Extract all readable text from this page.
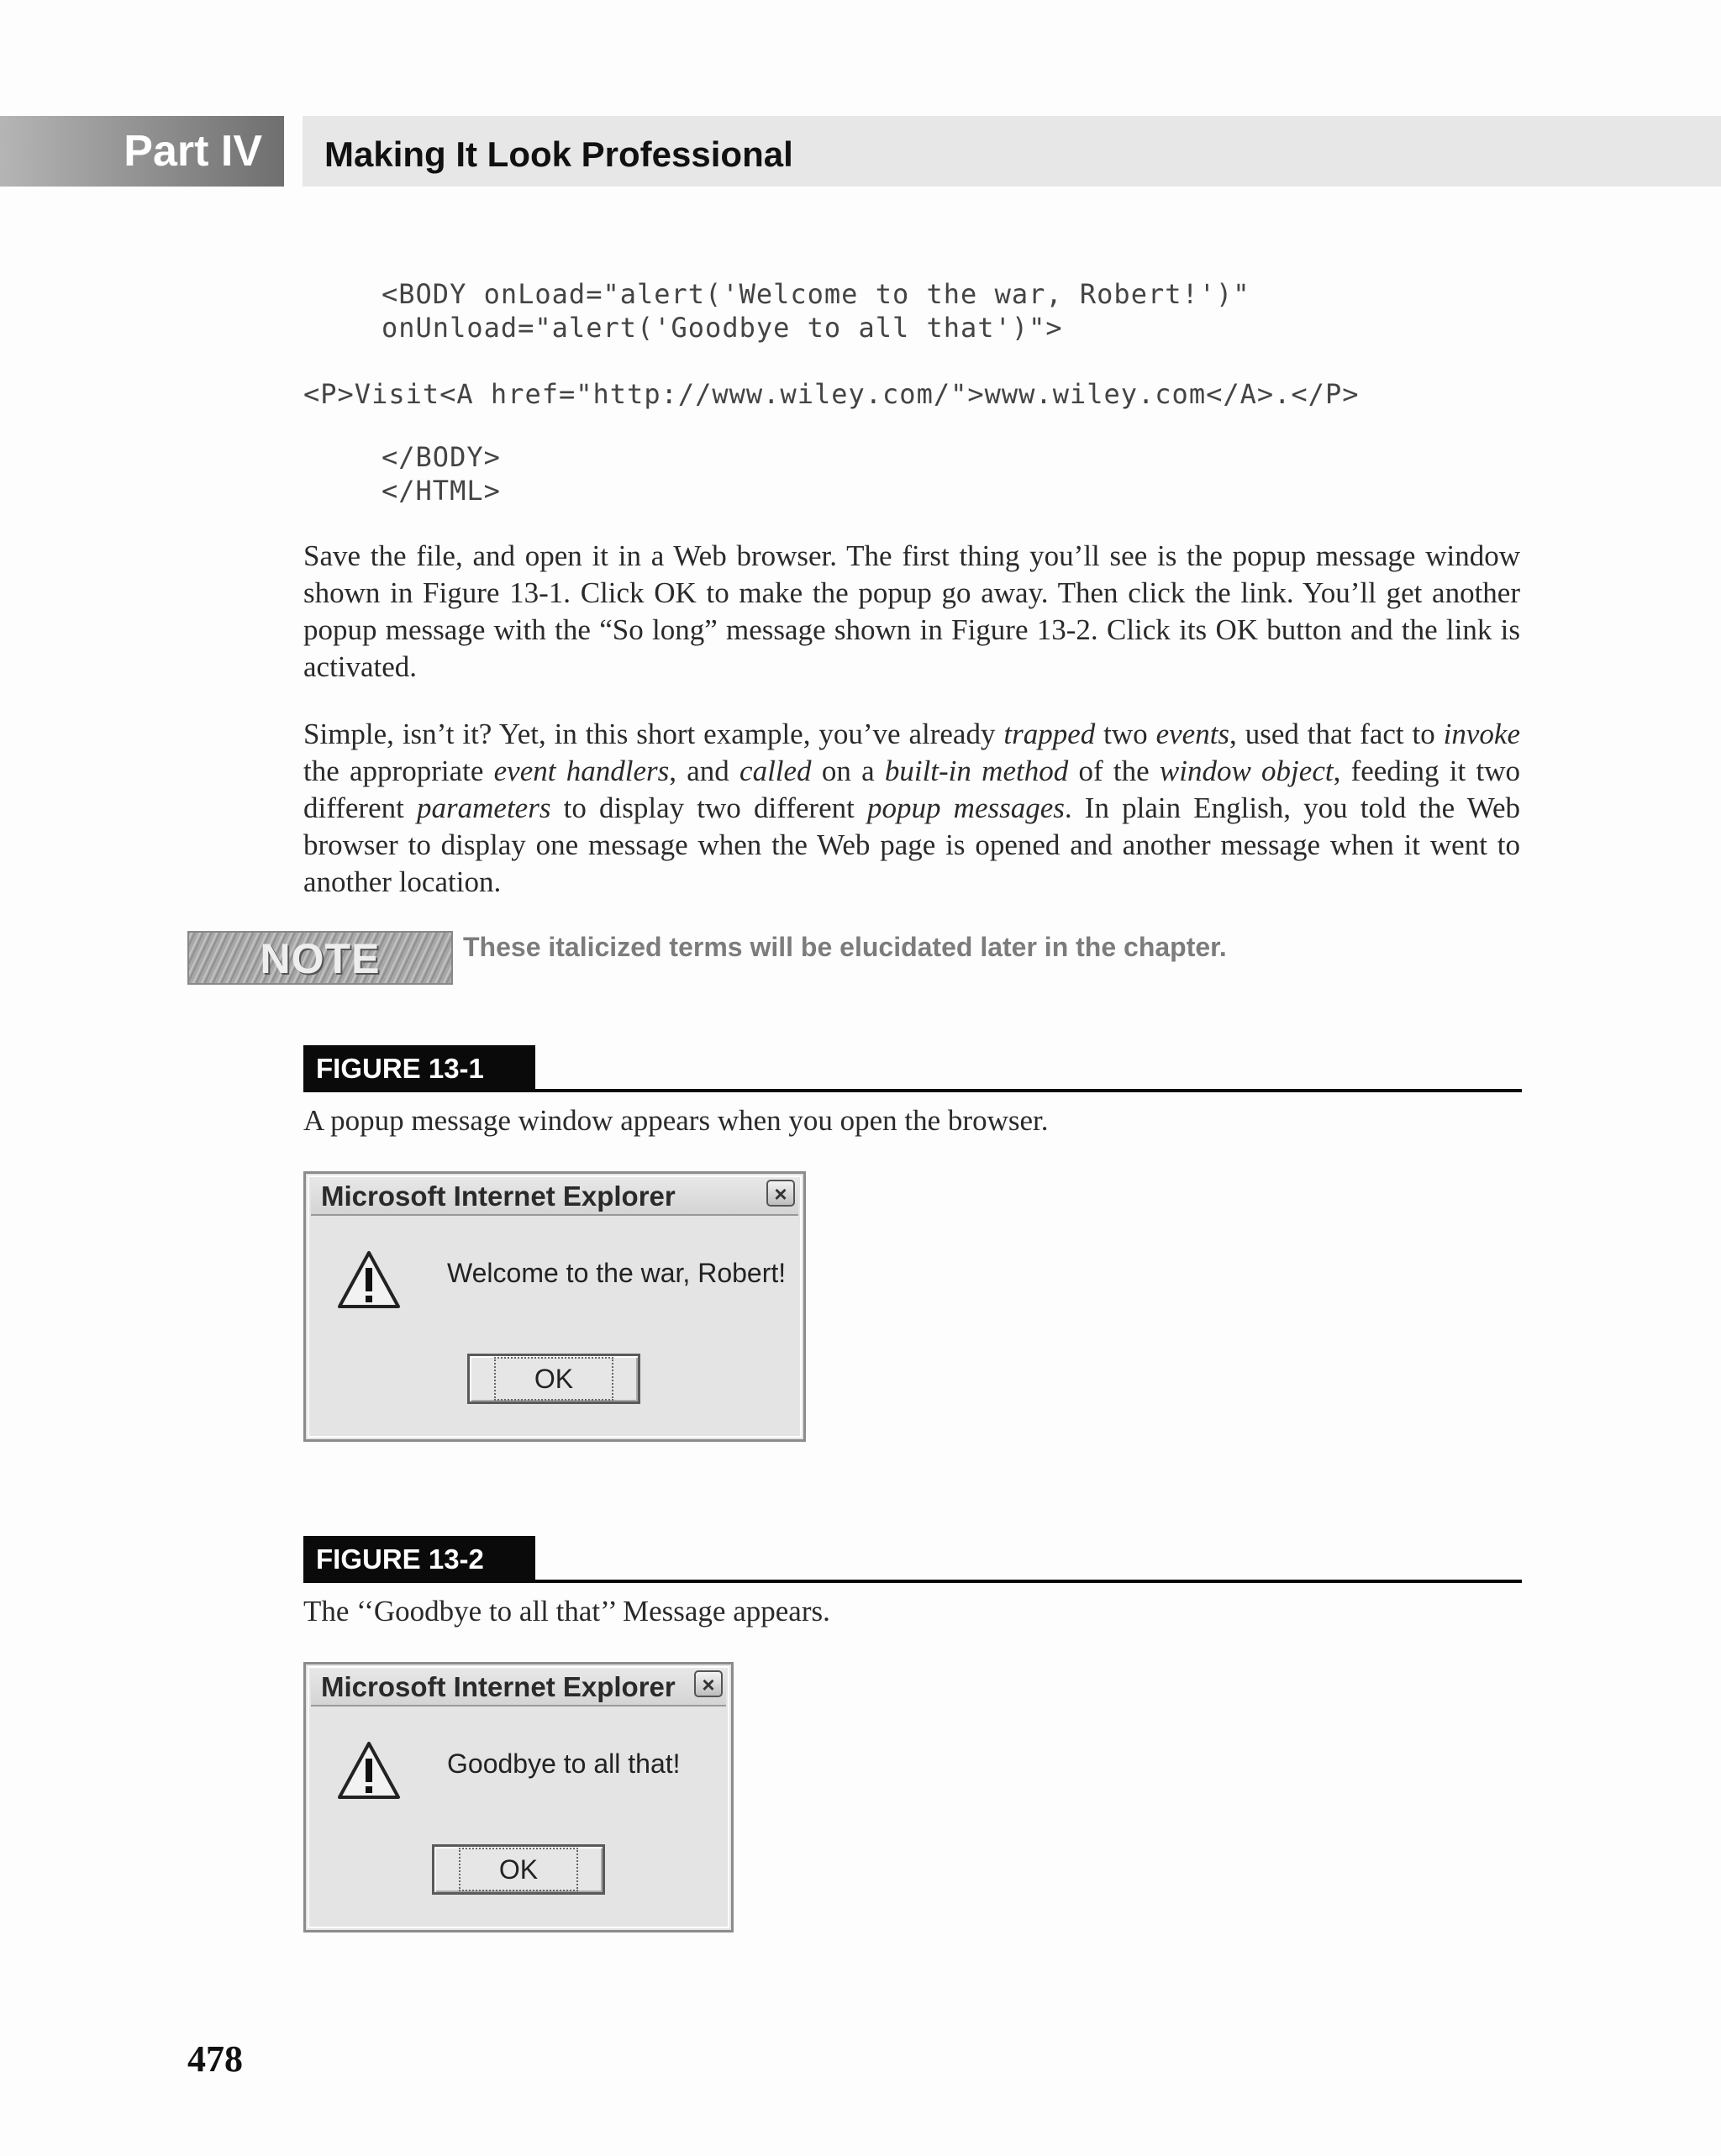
Part IV	Making It Look Professional
<BODY onLoad="alert('Welcome to the war, Robert!')"
onUnload="alert('Goodbye to all that')">
<P>Visit<A href="http://www.wiley.com/">www.wiley.com</A>.</P>
</BODY>
</HTML>

Save the file, and open it in a Web browser. The first thing you’ll see is the popup message window shown in Figure 13-1. Click OK to make the popup go away. Then click the link. You’ll get another popup message with the “So long” message shown in Figure 13-2. Click its OK button and the link is activated.

Simple, isn’t it? Yet, in this short example, you’ve already trapped two events, used that fact to invoke the appropriate event handlers, and called on a built-in method of the window object, feeding it two different parameters to display two different popup messages. In plain English, you told the Web browser to display one message when the Web page is opened and another message when it went to another location.

NOTE	These italicized terms will be elucidated later in the chapter.
FIGURE 13-1
A popup message window appears when you open the browser.
Microsoft Internet Explorer	×
Welcome to the war, Robert!
OK
FIGURE 13-2
The ‘‘Goodbye to all that’’ Message appears.
Microsoft Internet Explorer	×
Goodbye to all that!
OK
478
